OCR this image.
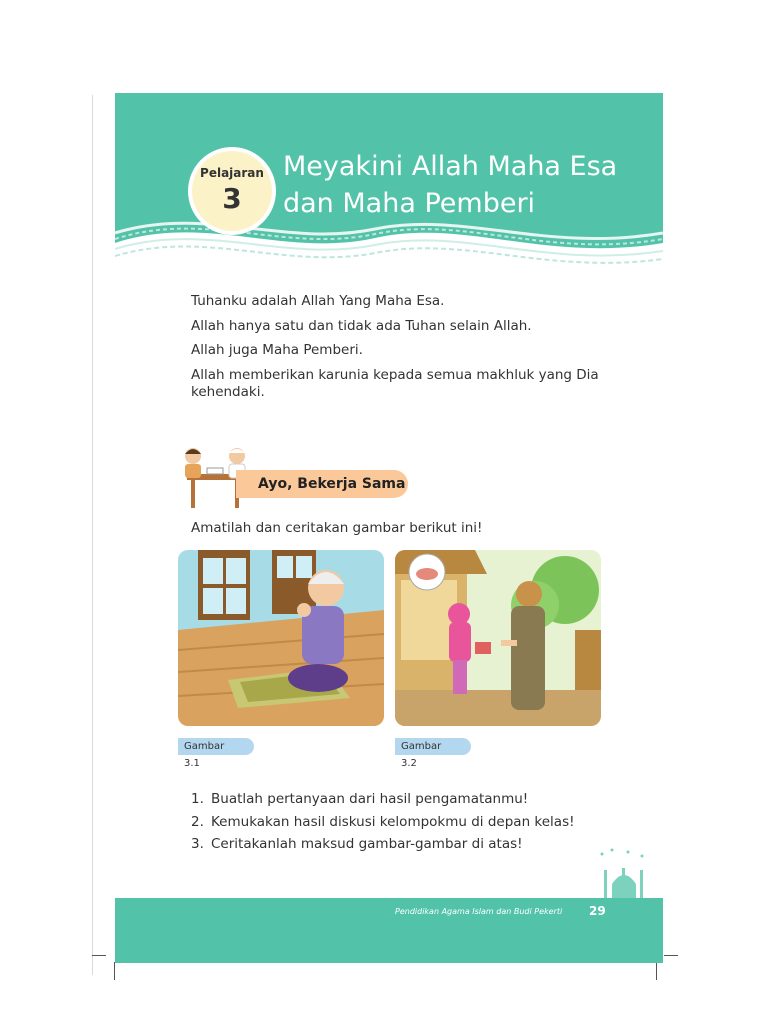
Pelajaran
3
Meyakini Allah Maha Esa
dan Maha Pemberi

Tuhanku adalah Allah Yang Maha Esa.

Allah hanya satu dan tidak ada Tuhan selain Allah.

Allah juga Maha Pemberi.

Allah memberikan karunia kepada semua makhluk yang Dia kehendaki.

Ayo, Bekerja Sama
Amatilah dan ceritakan gambar berikut ini!
Gambar 3.1
Gambar 3.2
1. Buatlah pertanyaan dari hasil pengamatanmu!
2. Kemukakan hasil diskusi kelompokmu di depan kelas!
3. Ceritakanlah maksud gambar-gambar di atas!
Pendidikan Agama Islam dan Budi Pekerti 29
